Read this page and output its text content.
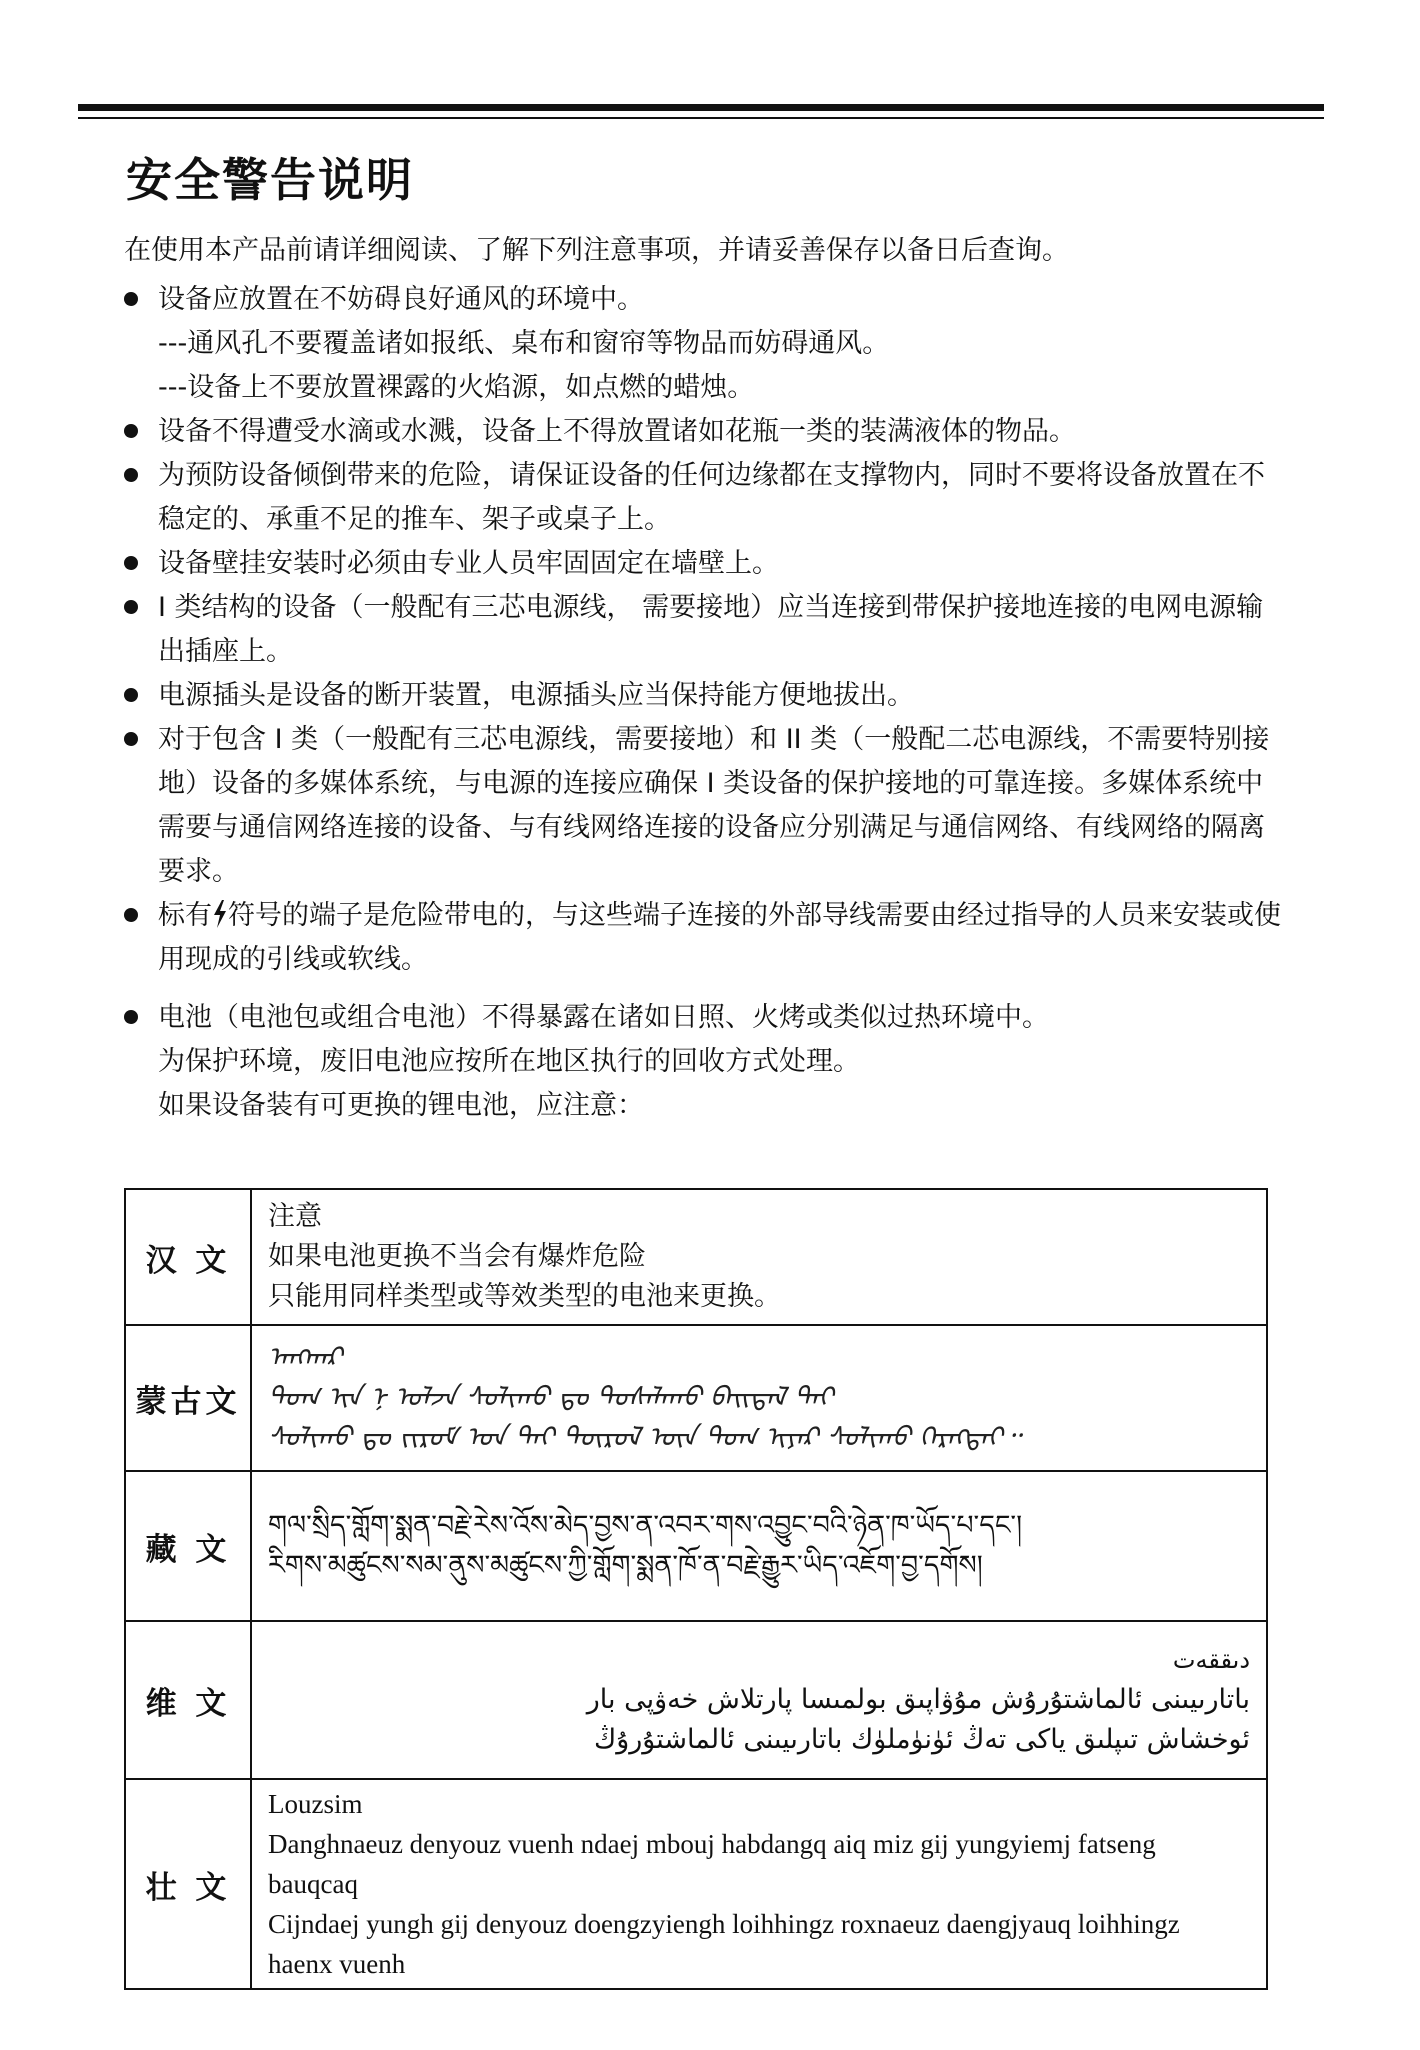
安全警告说明
在使用本产品前请详细阅读、了解下列注意事项，并请妥善保存以备日后查询。
设备应放置在不妨碍良好通风的环境中。
---通风孔不要覆盖诸如报纸、桌布和窗帘等物品而妨碍通风。
---设备上不要放置裸露的火焰源，如点燃的蜡烛。
设备不得遭受水滴或水溅，设备上不得放置诸如花瓶一类的装满液体的物品。
为预防设备倾倒带来的危险，请保证设备的任何边缘都在支撑物内，同时不要将设备放置在不稳定的、承重不足的推车、架子或桌子上。
设备壁挂安装时必须由专业人员牢固固定在墙壁上。
I 类结构的设备（一般配有三芯电源线， 需要接地）应当连接到带保护接地连接的电网电源输出插座上。
电源插头是设备的断开装置，电源插头应当保持能方便地拔出。
对于包含 I 类（一般配有三芯电源线，需要接地）和 II 类（一般配二芯电源线，不需要特别接地）设备的多媒体系统，与电源的连接应确保 I 类设备的保护接地的可靠连接。多媒体系统中需要与通信网络连接的设备、与有线网络连接的设备应分别满足与通信网络、有线网络的隔离要求。
标有 符号的端子是危险带电的，与这些端子连接的外部导线需要由经过指导的人员来安装或使用现成的引线或软线。
电池（电池包或组合电池）不得暴露在诸如日照、火烤或类似过热环境中。
为保护环境，废旧电池应按所在地区执行的回收方式处理。
如果设备装有可更换的锂电池，应注意：
汉 文	注意
如果电池更换不当会有爆炸危险
只能用同样类型或等效类型的电池来更换。

蒙古文	ᠠᠨᠭᠬᠠᠷ
ᠲᠤᠭ ᠢᠨ ᠨ ᠣᠯᠵᠠ ᠰᠣᠯᠢᠬᠤ ᠳᠤ ᠲᠤᠰᠠᠯᠠᠬᠤ ᠪᠠᠢᠳᠠᠯ ᠲᠠᠢ
ᠰᠣᠯᠢᠬᠤ ᠳᠤ ᠵᠢᠷᠤᠮ ᠤᠨ ᠲᠡᠢ ᠲᠦᠷᠦᠯ ᠦᠨ ᠲᠤᠭ ᠢᠶᠠᠷ ᠰᠣᠯᠢᠬᠤ ᠬᠡᠷᠡᠭᠲᠡᠢ᠃

藏 文	གལ་སྲིད་གློག་སྨན་བརྗེ་རེས་འོས་མེད་བྱས་ན་འབར་གས་འབྱུང་བའི་ཉེན་ཁ་ཡོད་པ་དང་།
རིགས་མཚུངས་སམ་ནུས་མཚུངས་ཀྱི་གློག་སྨན་ཁོ་ན་བརྗེ་རྒྱུར་ཡིད་འཇོག་བྱ་དགོས།

维 文	دىققەت
باتارىيىنى ئالماشتۇرۇش مۇۋاپىق بولمىسا پارتلاش خەۋپى بار
ئوخشاش تىپلىق ياكى تەڭ ئۈنۈملۈك باتارىيىنى ئالماشتۇرۇڭ

壮 文	Louzsim
Danghnaeuz denyouz vuenh ndaej mbouj habdangq aiq miz gij yungyiemj fatseng bauqcaq
Cijndaej yungh gij denyouz doengzyiengh loihhingz roxnaeuz daengjyauq loihhingz haenx vuenh
